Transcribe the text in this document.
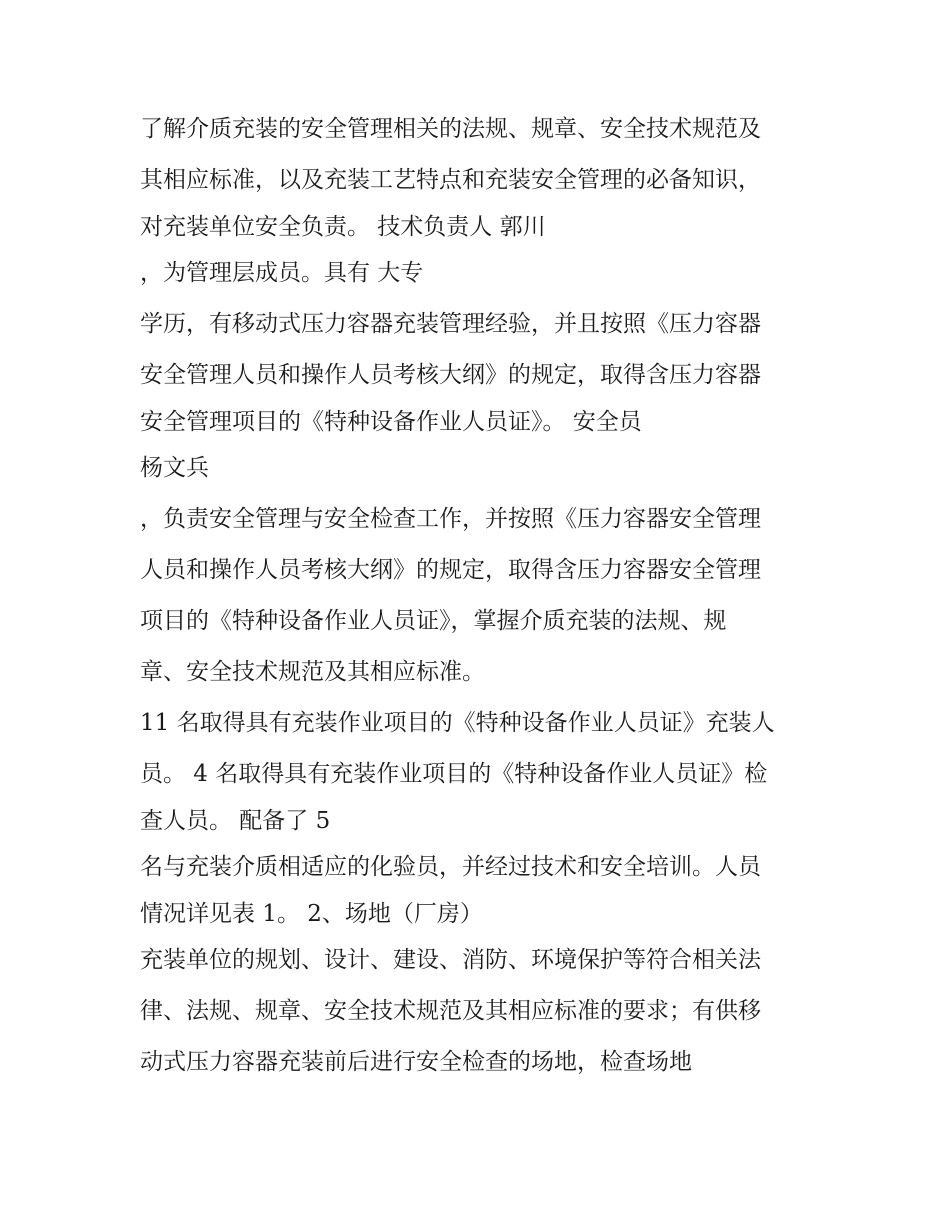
了解介质充装的安全管理相关的法规、规章、安全技术规范及
其相应标准，以及充装工艺特点和充装安全管理的必备知识，
对充装单位安全负责。 技术负责人 郭川
，为管理层成员。具有 大专
学历，有移动式压力容器充装管理经验，并且按照《压力容器
安全管理人员和操作人员考核大纲》的规定，取得含压力容器
安全管理项目的《特种设备作业人员证》。 安全员
杨文兵
，负责安全管理与安全检查工作，并按照《压力容器安全管理
人员和操作人员考核大纲》的规定，取得含压力容器安全管理
项目的《特种设备作业人员证》，掌握介质充装的法规、规
章、安全技术规范及其相应标准。
11 名取得具有充装作业项目的《特种设备作业人员证》充装人
员。 4 名取得具有充装作业项目的《特种设备作业人员证》检
查人员。 配备了 5
名与充装介质相适应的化验员，并经过技术和安全培训。人员
情况详见表 1。 2、场地（厂房）
充装单位的规划、设计、建设、消防、环境保护等符合相关法
律、法规、规章、安全技术规范及其相应标准的要求；有供移
动式压力容器充装前后进行安全检查的场地，检查场地
